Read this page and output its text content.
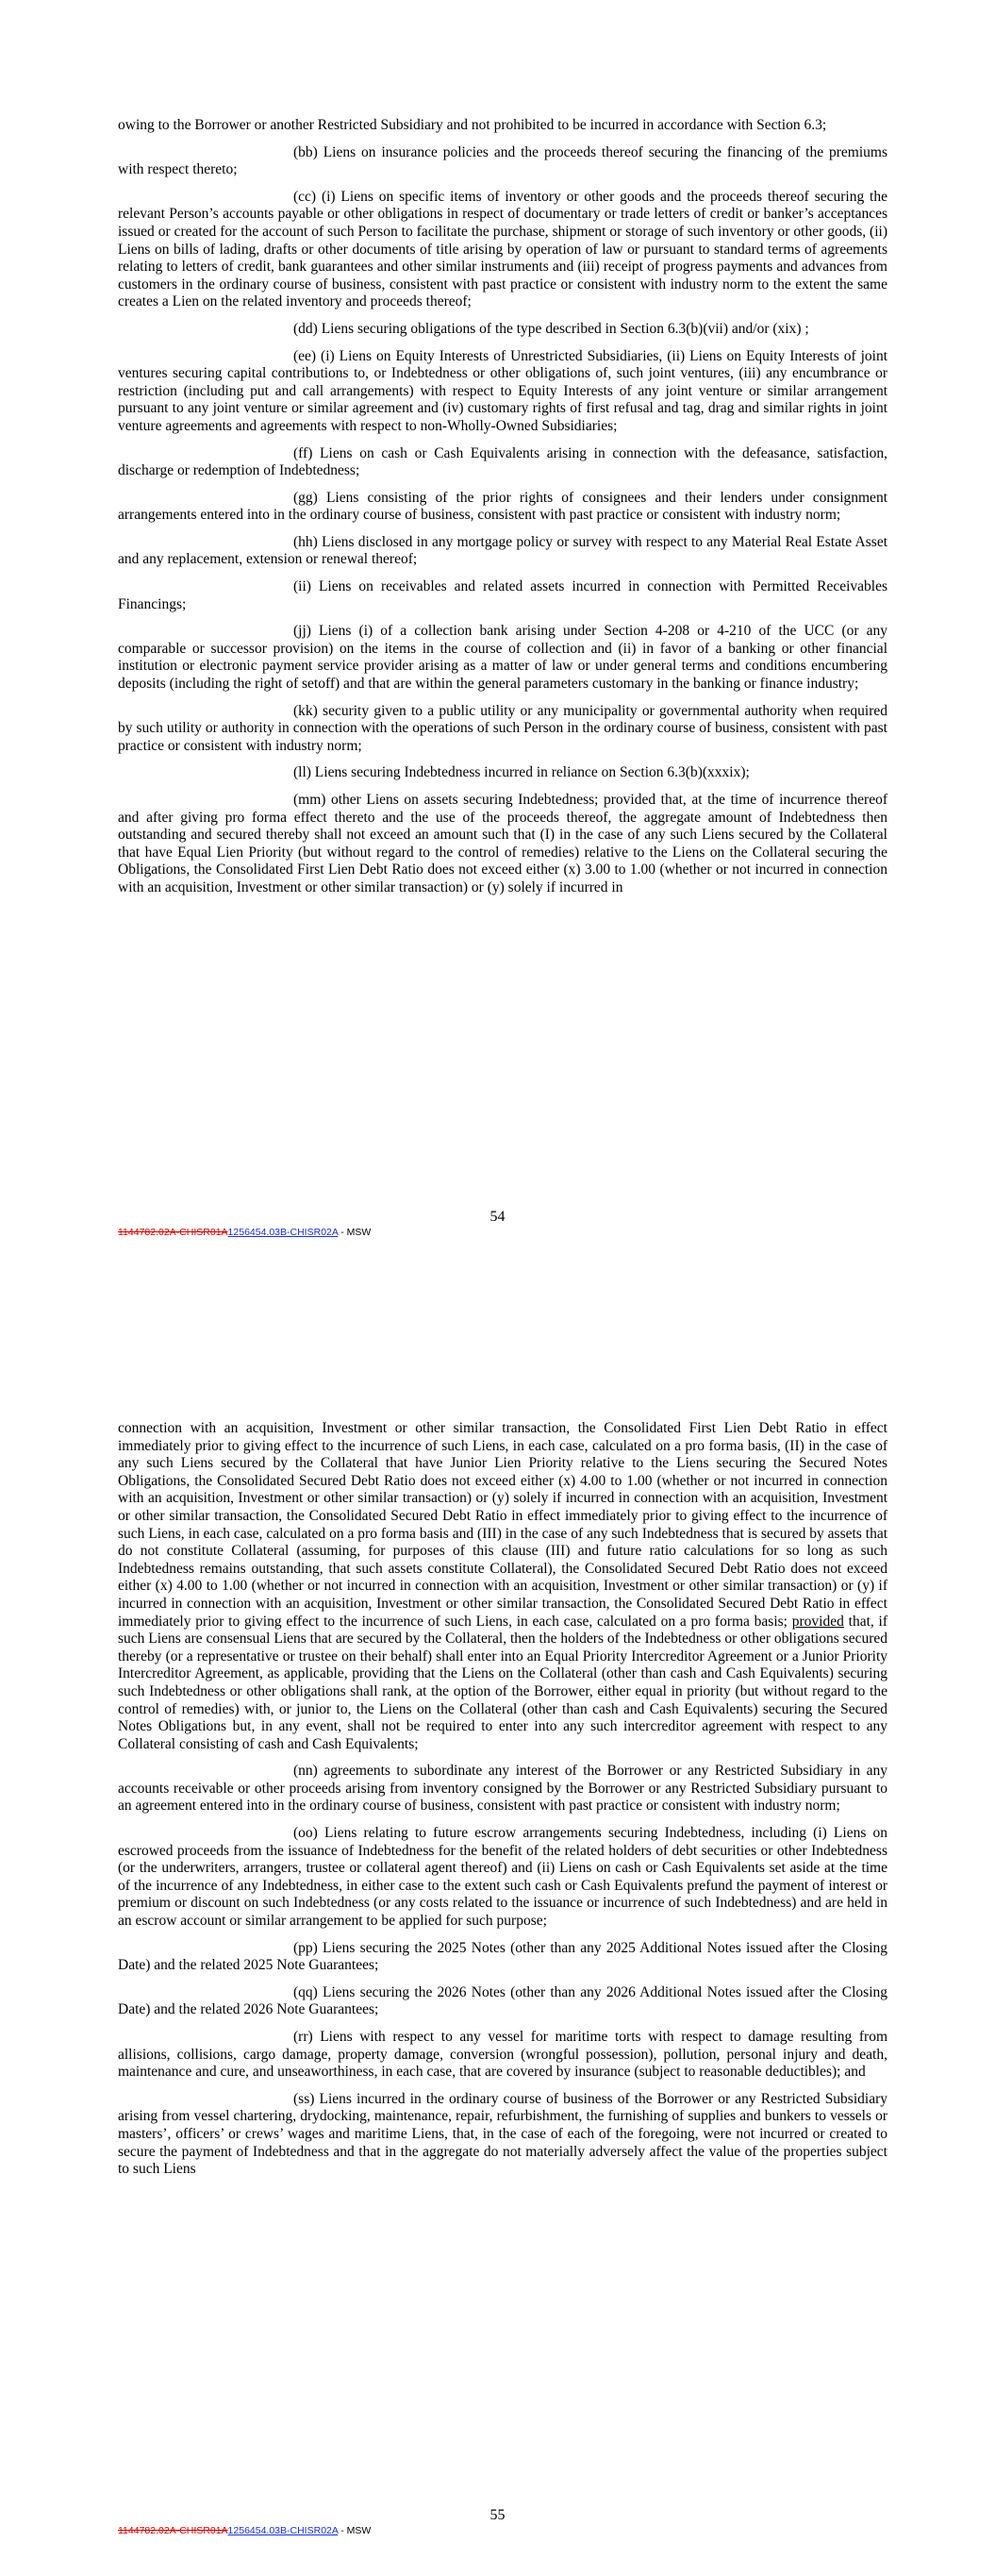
owing to the Borrower or another Restricted Subsidiary and not prohibited to be incurred in accordance with Section 6.3;

(bb) Liens on insurance policies and the proceeds thereof securing the financing of the premiums with respect thereto;

(cc) (i) Liens on specific items of inventory or other goods and the proceeds thereof securing the relevant Person’s accounts payable or other obligations in respect of documentary or trade letters of credit or banker’s acceptances issued or created for the account of such Person to facilitate the purchase, shipment or storage of such inventory or other goods, (ii) Liens on bills of lading, drafts or other documents of title arising by operation of law or pursuant to standard terms of agreements relating to letters of credit, bank guarantees and other similar instruments and (iii) receipt of progress payments and advances from customers in the ordinary course of business, consistent with past practice or consistent with industry norm to the extent the same creates a Lien on the related inventory and proceeds thereof;

(dd) Liens securing obligations of the type described in Section 6.3(b)(vii) and/or (xix) ;

(ee) (i) Liens on Equity Interests of Unrestricted Subsidiaries, (ii) Liens on Equity Interests of joint ventures securing capital contributions to, or Indebtedness or other obligations of, such joint ventures, (iii) any encumbrance or restriction (including put and call arrangements) with respect to Equity Interests of any joint venture or similar arrangement pursuant to any joint venture or similar agreement and (iv) customary rights of first refusal and tag, drag and similar rights in joint venture agreements and agreements with respect to non-Wholly-Owned Subsidiaries;

(ff) Liens on cash or Cash Equivalents arising in connection with the defeasance, satisfaction, discharge or redemption of Indebtedness;

(gg) Liens consisting of the prior rights of consignees and their lenders under consignment arrangements entered into in the ordinary course of business, consistent with past practice or consistent with industry norm;

(hh) Liens disclosed in any mortgage policy or survey with respect to any Material Real Estate Asset and any replacement, extension or renewal thereof;

(ii) Liens on receivables and related assets incurred in connection with Permitted Receivables Financings;

(jj) Liens (i) of a collection bank arising under Section 4-208 or 4-210 of the UCC (or any comparable or successor provision) on the items in the course of collection and (ii) in favor of a banking or other financial institution or electronic payment service provider arising as a matter of law or under general terms and conditions encumbering deposits (including the right of setoff) and that are within the general parameters customary in the banking or finance industry;

(kk) security given to a public utility or any municipality or governmental authority when required by such utility or authority in connection with the operations of such Person in the ordinary course of business, consistent with past practice or consistent with industry norm;

(ll) Liens securing Indebtedness incurred in reliance on Section 6.3(b)(xxxix);

(mm) other Liens on assets securing Indebtedness; provided that, at the time of incurrence thereof and after giving pro forma effect thereto and the use of the proceeds thereof, the aggregate amount of Indebtedness then outstanding and secured thereby shall not exceed an amount such that (I) in the case of any such Liens secured by the Collateral that have Equal Lien Priority (but without regard to the control of remedies) relative to the Liens on the Collateral securing the Obligations, the Consolidated First Lien Debt Ratio does not exceed either (x) 3.00 to 1.00 (whether or not incurred in connection with an acquisition, Investment or other similar transaction) or (y) solely if incurred in

54
1144782.02A-CHISR01A1256454.03B-CHISR02A - MSW

connection with an acquisition, Investment or other similar transaction, the Consolidated First Lien Debt Ratio in effect immediately prior to giving effect to the incurrence of such Liens, in each case, calculated on a pro forma basis, (II) in the case of any such Liens secured by the Collateral that have Junior Lien Priority relative to the Liens securing the Secured Notes Obligations, the Consolidated Secured Debt Ratio does not exceed either (x) 4.00 to 1.00 (whether or not incurred in connection with an acquisition, Investment or other similar transaction) or (y) solely if incurred in connection with an acquisition, Investment or other similar transaction, the Consolidated Secured Debt Ratio in effect immediately prior to giving effect to the incurrence of such Liens, in each case, calculated on a pro forma basis and (III) in the case of any such Indebtedness that is secured by assets that do not constitute Collateral (assuming, for purposes of this clause (III) and future ratio calculations for so long as such Indebtedness remains outstanding, that such assets constitute Collateral), the Consolidated Secured Debt Ratio does not exceed either (x) 4.00 to 1.00 (whether or not incurred in connection with an acquisition, Investment or other similar transaction) or (y) if incurred in connection with an acquisition, Investment or other similar transaction, the Consolidated Secured Debt Ratio in effect immediately prior to giving effect to the incurrence of such Liens, in each case, calculated on a pro forma basis; provided that, if such Liens are consensual Liens that are secured by the Collateral, then the holders of the Indebtedness or other obligations secured thereby (or a representative or trustee on their behalf) shall enter into an Equal Priority Intercreditor Agreement or a Junior Priority Intercreditor Agreement, as applicable, providing that the Liens on the Collateral (other than cash and Cash Equivalents) securing such Indebtedness or other obligations shall rank, at the option of the Borrower, either equal in priority (but without regard to the control of remedies) with, or junior to, the Liens on the Collateral (other than cash and Cash Equivalents) securing the Secured Notes Obligations but, in any event, shall not be required to enter into any such intercreditor agreement with respect to any Collateral consisting of cash and Cash Equivalents;

(nn) agreements to subordinate any interest of the Borrower or any Restricted Subsidiary in any accounts receivable or other proceeds arising from inventory consigned by the Borrower or any Restricted Subsidiary pursuant to an agreement entered into in the ordinary course of business, consistent with past practice or consistent with industry norm;

(oo) Liens relating to future escrow arrangements securing Indebtedness, including (i) Liens on escrowed proceeds from the issuance of Indebtedness for the benefit of the related holders of debt securities or other Indebtedness (or the underwriters, arrangers, trustee or collateral agent thereof) and (ii) Liens on cash or Cash Equivalents set aside at the time of the incurrence of any Indebtedness, in either case to the extent such cash or Cash Equivalents prefund the payment of interest or premium or discount on such Indebtedness (or any costs related to the issuance or incurrence of such Indebtedness) and are held in an escrow account or similar arrangement to be applied for such purpose;

(pp) Liens securing the 2025 Notes (other than any 2025 Additional Notes issued after the Closing Date) and the related 2025 Note Guarantees;

(qq) Liens securing the 2026 Notes (other than any 2026 Additional Notes issued after the Closing Date) and the related 2026 Note Guarantees;

(rr) Liens with respect to any vessel for maritime torts with respect to damage resulting from allisions, collisions, cargo damage, property damage, conversion (wrongful possession), pollution, personal injury and death, maintenance and cure, and unseaworthiness, in each case, that are covered by insurance (subject to reasonable deductibles); and

(ss) Liens incurred in the ordinary course of business of the Borrower or any Restricted Subsidiary arising from vessel chartering, drydocking, maintenance, repair, refurbishment, the furnishing of supplies and bunkers to vessels or masters’, officers’ or crews’ wages and maritime Liens, that, in the case of each of the foregoing, were not incurred or created to secure the payment of Indebtedness and that in the aggregate do not materially adversely affect the value of the properties subject to such Liens

55
1144782.02A-CHISR01A1256454.03B-CHISR02A - MSW
